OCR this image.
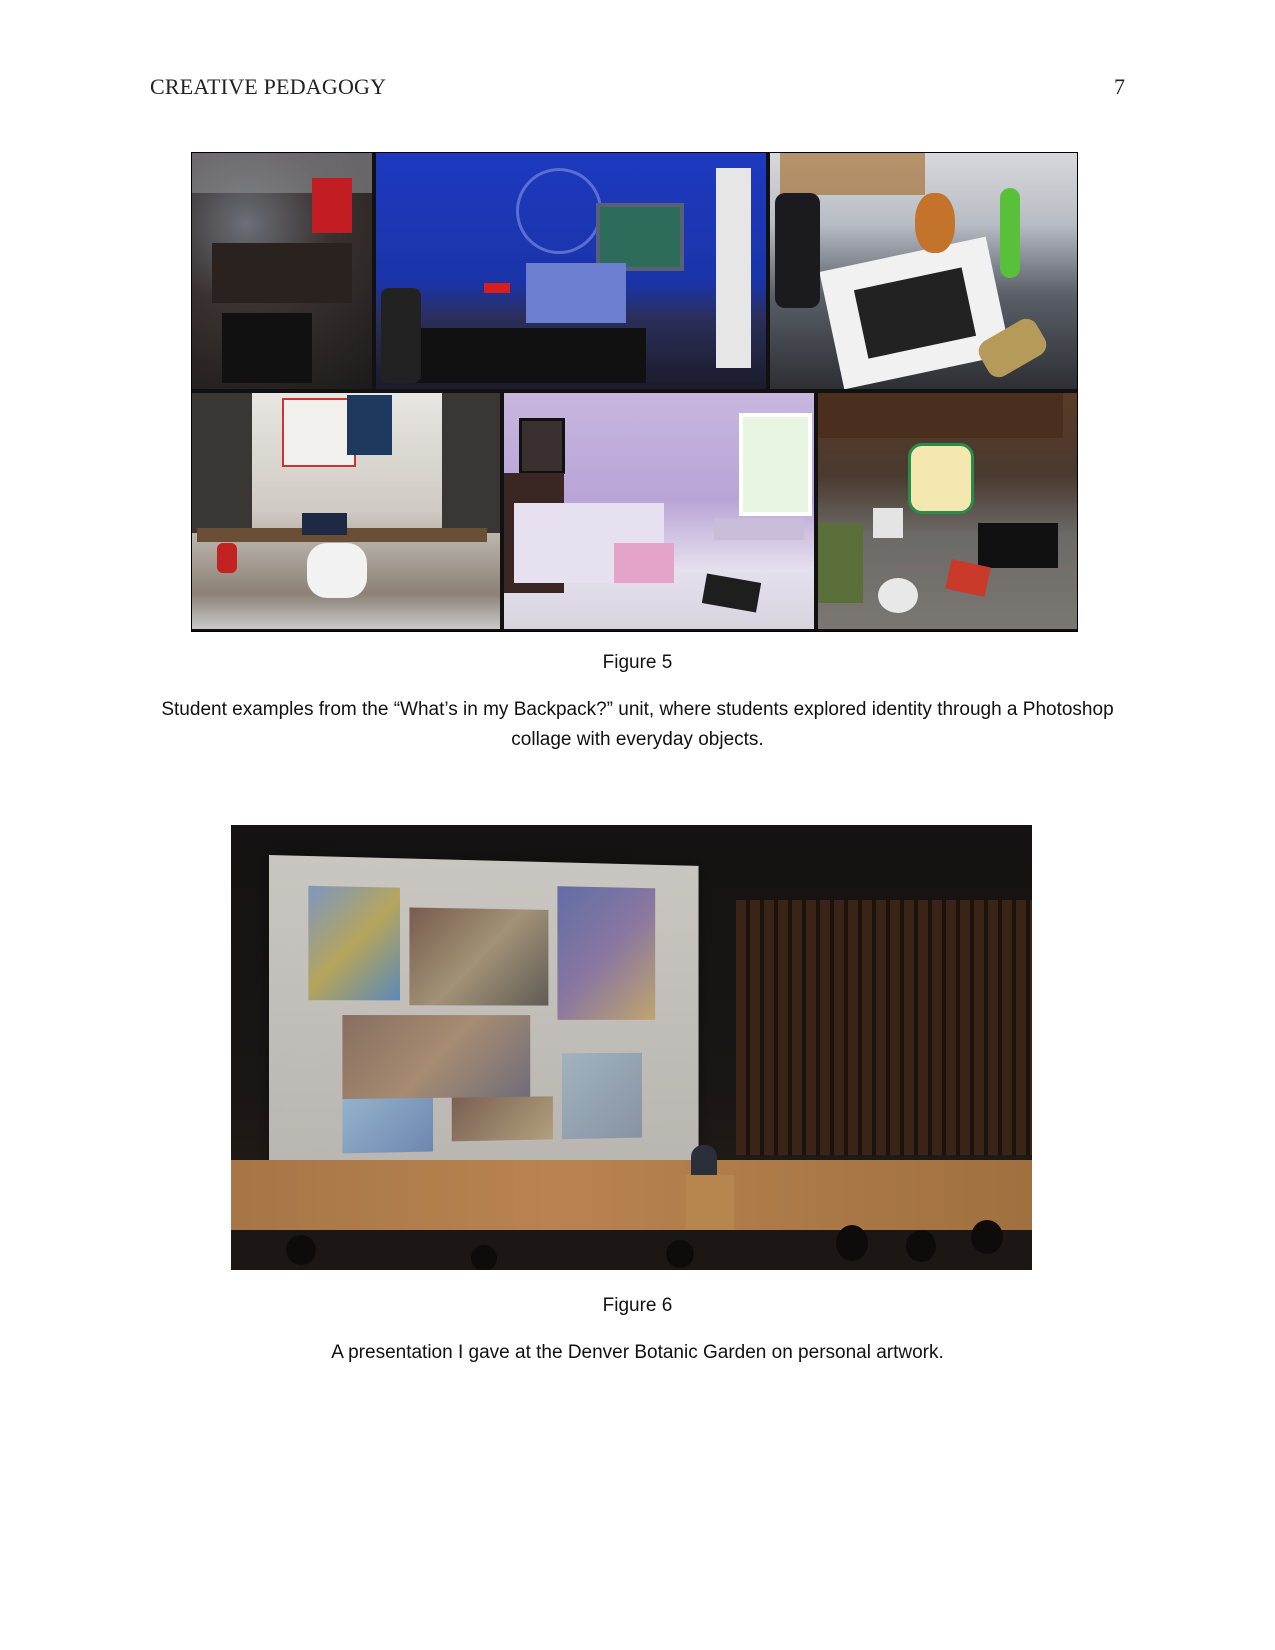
CREATIVE PEDAGOGY	7
Figure 5
Student examples from the “What’s in my Backpack?” unit, where students explored identity through a Photoshop collage with everyday objects.
Figure 6
A presentation I gave at the Denver Botanic Garden on personal artwork.
